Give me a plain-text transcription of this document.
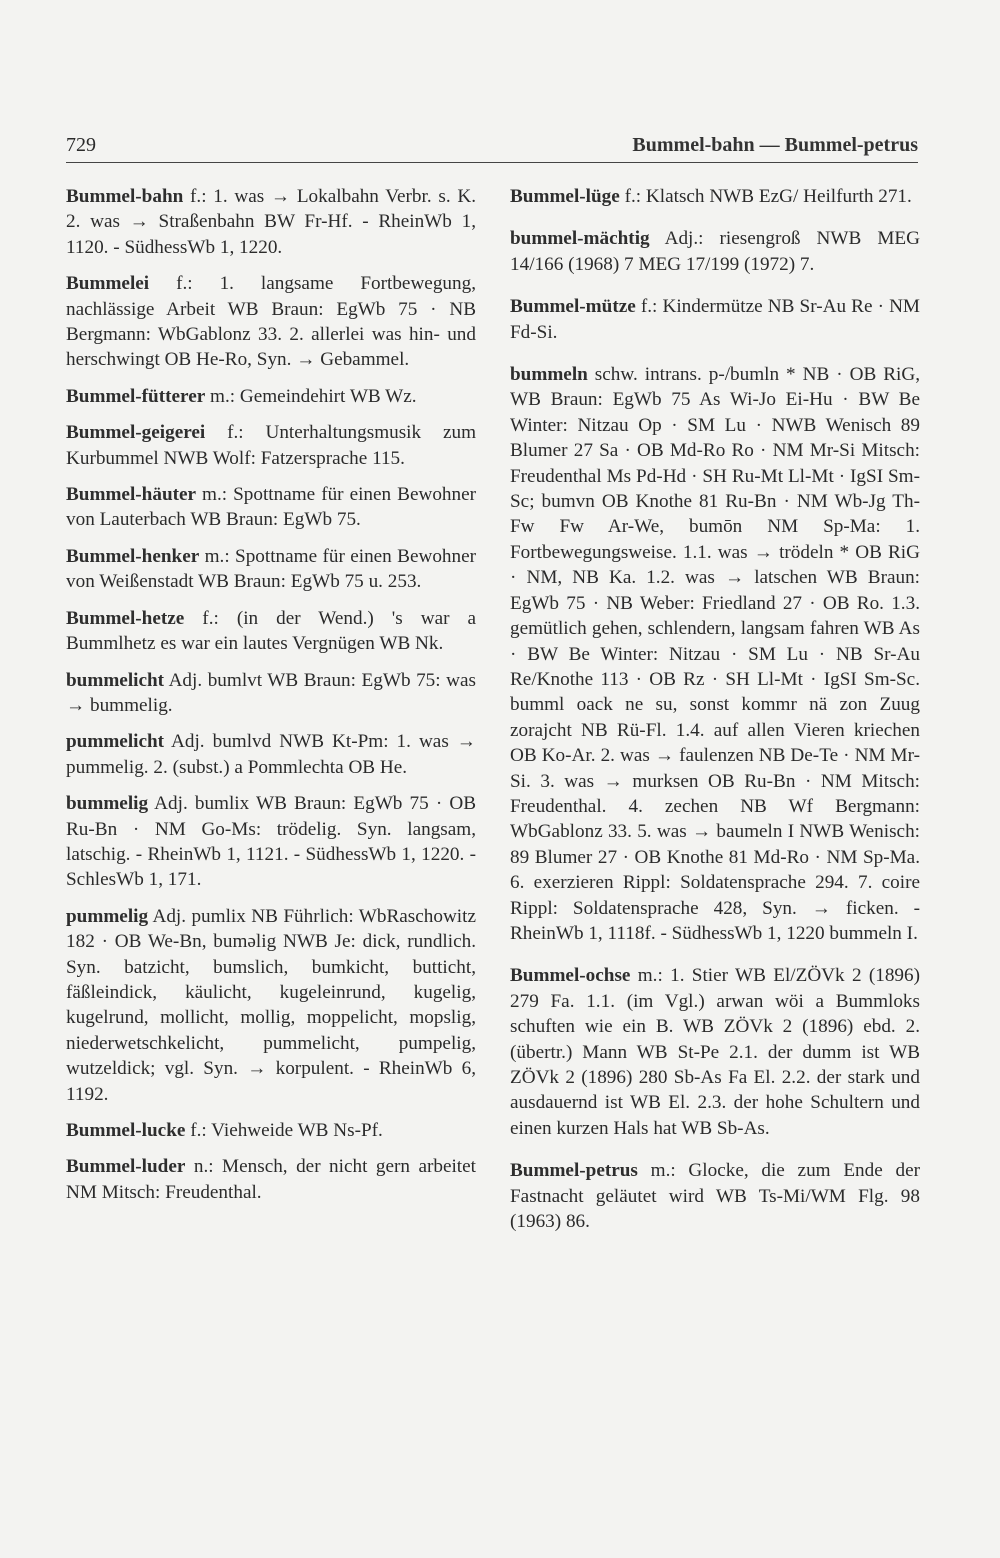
729	Bummel-bahn — Bummel-petrus

Bummel-bahn f.: 1. was → Lokalbahn Verbr. s. K. 2. was → Straßenbahn BW Fr-Hf. - RheinWb 1, 1120. - SüdhessWb 1, 1220.

Bummelei f.: 1. langsame Fortbewegung, nachlässige Arbeit WB Braun: EgWb 75 · NB Bergmann: WbGablonz 33. 2. allerlei was hin- und herschwingt OB He-Ro, Syn. → Gebammel.

Bummel-fütterer m.: Gemeindehirt WB Wz.

Bummel-geigerei f.: Unterhaltungsmusik zum Kurbummel NWB Wolf: Fatzersprache 115.

Bummel-häuter m.: Spottname für einen Bewohner von Lauterbach WB Braun: EgWb 75.

Bummel-henker m.: Spottname für einen Bewohner von Weißenstadt WB Braun: EgWb 75 u. 253.

Bummel-hetze f.: (in der Wend.) 's war a Bummlhetz es war ein lautes Vergnügen WB Nk.

bummelicht Adj. bumlvt WB Braun: EgWb 75: was → bummelig.

pummelicht Adj. bumlvd NWB Kt-Pm: 1. was → pummelig. 2. (subst.) a Pommlechta OB He.

bummelig Adj. bumlix WB Braun: EgWb 75 · OB Ru-Bn · NM Go-Ms: trödelig. Syn. langsam, latschig. - RheinWb 1, 1121. - SüdhessWb 1, 1220. - SchlesWb 1, 171.

pummelig Adj. pumlix NB Führlich: WbRaschowitz 182 · OB We-Bn, bumǝlig NWB Je: dick, rundlich. Syn. batzicht, bumslich, bumkicht, butticht, fäßleindick, käulicht, kugeleinrund, kugelig, kugelrund, mollicht, mollig, moppelicht, mopslig, niederwetschkelicht, pummelicht, pumpelig, wutzeldick; vgl. Syn. → korpulent. - RheinWb 6, 1192.

Bummel-lucke f.: Viehweide WB Ns-Pf.

Bummel-luder n.: Mensch, der nicht gern arbeitet NM Mitsch: Freudenthal.

Bummel-lüge f.: Klatsch NWB EzG/ Heilfurth 271.

bummel-mächtig Adj.: riesengroß NWB MEG 14/166 (1968) 7 MEG 17/199 (1972) 7.

Bummel-mütze f.: Kindermütze NB Sr-Au Re · NM Fd-Si.

bummeln schw. intrans. p-/bumln * NB · OB RiG, WB Braun: EgWb 75 As Wi-Jo Ei-Hu · BW Be Winter: Nitzau Op · SM Lu · NWB Wenisch 89 Blumer 27 Sa · OB Md-Ro Ro · NM Mr-Si Mitsch: Freudenthal Ms Pd-Hd · SH Ru-Mt Ll-Mt · IgSI Sm-Sc; bumvn OB Knothe 81 Ru-Bn · NM Wb-Jg Th-Fw Fw Ar-We, bumōn NM Sp-Ma: 1. Fortbewegungsweise. 1.1. was → trödeln * OB RiG · NM, NB Ka. 1.2. was → latschen WB Braun: EgWb 75 · NB Weber: Friedland 27 · OB Ro. 1.3. gemütlich gehen, schlendern, langsam fahren WB As · BW Be Winter: Nitzau · SM Lu · NB Sr-Au Re/Knothe 113 · OB Rz · SH Ll-Mt · IgSI Sm-Sc. bumml oack ne su, sonst kommr nä zon Zuug zorajcht NB Rü-Fl. 1.4. auf allen Vieren kriechen OB Ko-Ar. 2. was → faulenzen NB De-Te · NM Mr-Si. 3. was → murksen OB Ru-Bn · NM Mitsch: Freudenthal. 4. zechen NB Wf Bergmann: WbGablonz 33. 5. was → baumeln I NWB Wenisch: 89 Blumer 27 · OB Knothe 81 Md-Ro · NM Sp-Ma. 6. exerzieren Rippl: Soldatensprache 294. 7. coire Rippl: Soldatensprache 428, Syn. → ficken. - RheinWb 1, 1118f. - SüdhessWb 1, 1220 bummeln I.

Bummel-ochse m.: 1. Stier WB El/ZÖVk 2 (1896) 279 Fa. 1.1. (im Vgl.) arwan wöi a Bummloks schuften wie ein B. WB ZÖVk 2 (1896) ebd. 2. (übertr.) Mann WB St-Pe 2.1. der dumm ist WB ZÖVk 2 (1896) 280 Sb-As Fa El. 2.2. der stark und ausdauernd ist WB El. 2.3. der hohe Schultern und einen kurzen Hals hat WB Sb-As.

Bummel-petrus m.: Glocke, die zum Ende der Fastnacht geläutet wird WB Ts-Mi/WM Flg. 98 (1963) 86.
